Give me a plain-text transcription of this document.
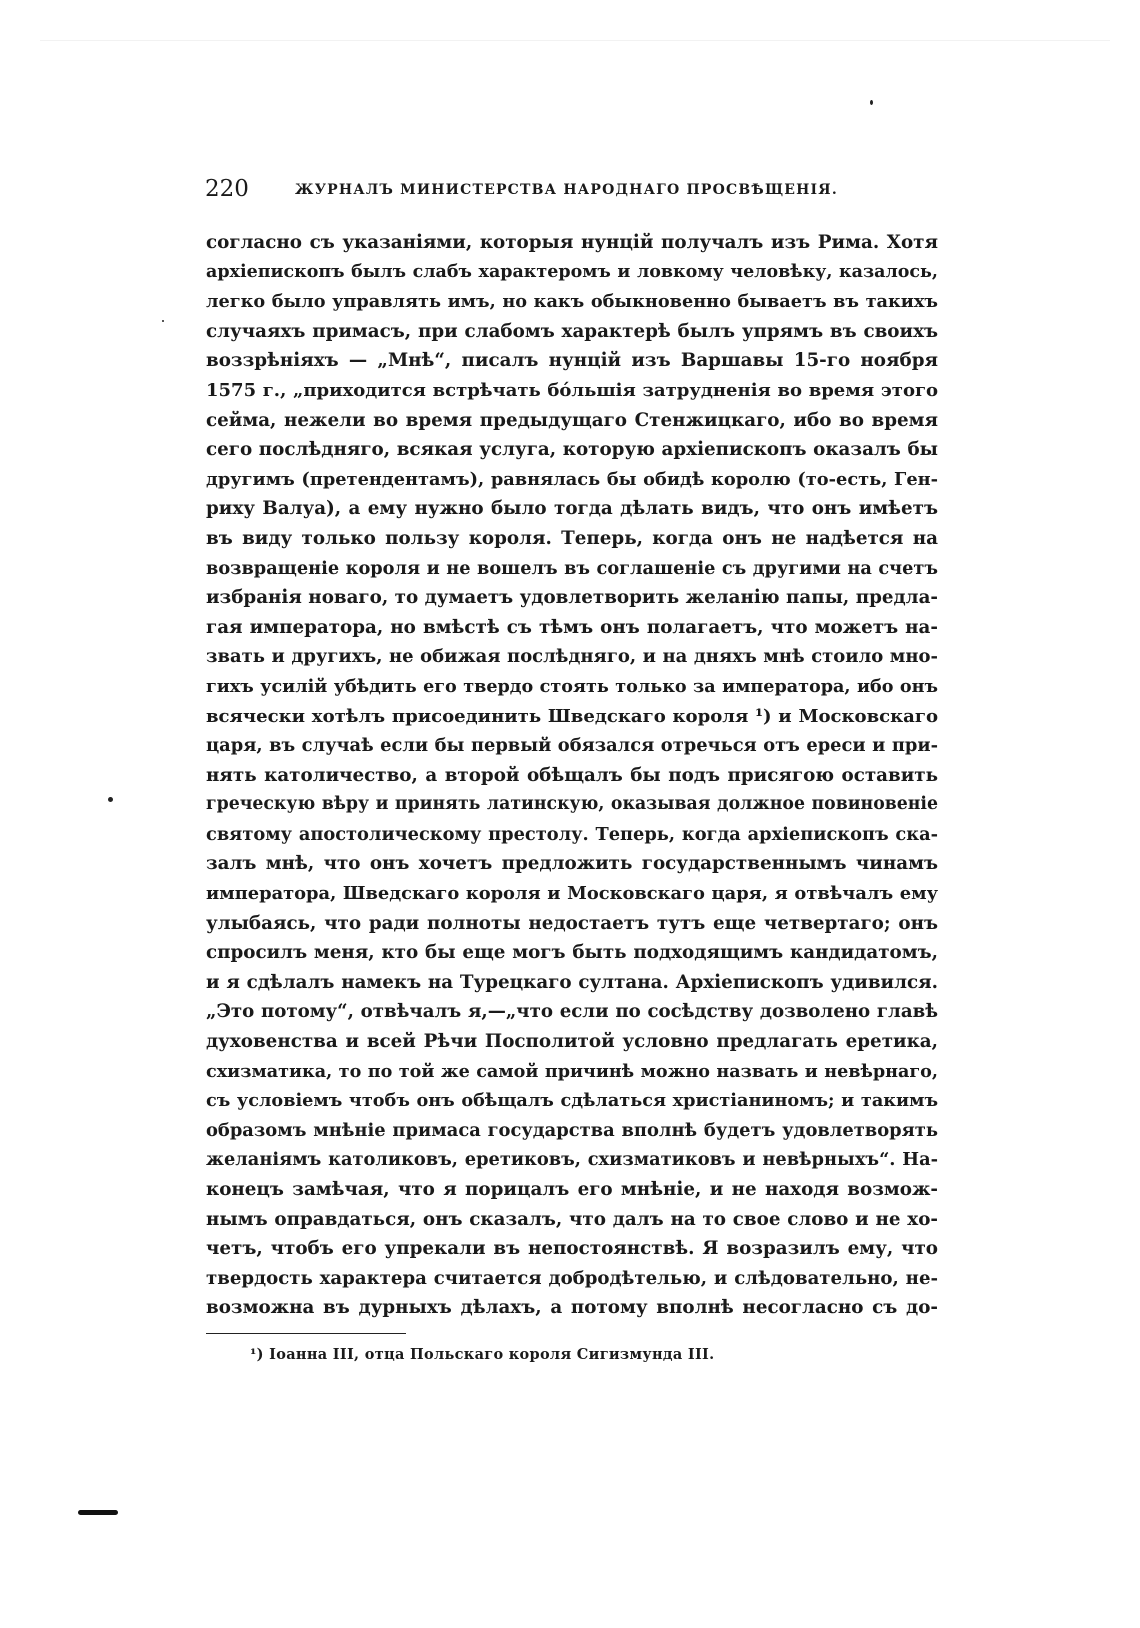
220	ЖУРНАЛЪ МИНИСТЕРСТВА НАРОДНАГО ПРОСВѢЩЕНІЯ.
согласно съ указаніями, которыя нунцій получалъ изъ Рима. Хотя
архіепископъ былъ слабъ характеромъ и ловкому человѣку, казалось,
легко было управлять имъ, но какъ обыкновенно бываетъ въ такихъ
случаяхъ примасъ, при слабомъ характерѣ былъ упрямъ въ своихъ
воззрѣніяхъ — „Мнѣ“, писалъ нунцій изъ Варшавы 15-го ноября
1575 г., „приходится встрѣчать бо́льшія затрудненія во время этого
сейма, нежели во время предыдущаго Стенжицкаго, ибо во время
сего послѣдняго, всякая услуга, которую архіепископъ оказалъ бы
другимъ (претендентамъ), равнялась бы обидѣ королю (то-есть, Ген-
риху Валуа), а ему нужно было тогда дѣлать видъ, что онъ имѣетъ
въ виду только пользу короля. Теперь, когда онъ не надѣется на
возвращеніе короля и не вошелъ въ соглашеніе съ другими на счетъ
избранія новаго, то думаетъ удовлетворить желанію папы, предла-
гая императора, но вмѣстѣ съ тѣмъ онъ полагаетъ, что можетъ на-
звать и другихъ, не обижая послѣдняго, и на дняхъ мнѣ стоило мно-
гихъ усилій убѣдить его твердо стоять только за императора, ибо онъ
всячески хотѣлъ присоединить Шведскаго короля ¹) и Московскаго
царя, въ случаѣ если бы первый обязался отречься отъ ереси и при-
нять католичество, а второй обѣщалъ бы подъ присягою оставить
греческую вѣру и принять латинскую, оказывая должное повиновеніе
святому апостолическому престолу. Теперь, когда архіепископъ ска-
залъ мнѣ, что онъ хочетъ предложить государственнымъ чинамъ
императора, Шведскаго короля и Московскаго царя, я отвѣчалъ ему
улыбаясь, что ради полноты недостаетъ тутъ еще четвертаго; онъ
спросилъ меня, кто бы еще могъ быть подходящимъ кандидатомъ,
и я сдѣлалъ намекъ на Турецкаго султана. Архіепископъ удивился.
„Это потому“, отвѣчалъ я,—„что если по сосѣдству дозволено главѣ
духовенства и всей Рѣчи Посполитой условно предлагать еретика,
схизматика, то по той же самой причинѣ можно назвать и невѣрнаго,
съ условіемъ чтобъ онъ обѣщалъ сдѣлаться христіаниномъ; и такимъ
образомъ мнѣніе примаса государства вполнѣ будетъ удовлетворять
желаніямъ католиковъ, еретиковъ, схизматиковъ и невѣрныхъ“. На-
конецъ замѣчая, что я порицалъ его мнѣніе, и не находя возмож-
нымъ оправдаться, онъ сказалъ, что далъ на то свое слово и не хо-
четъ, чтобъ его упрекали въ непостоянствѣ. Я возразилъ ему, что
твердость характера считается добродѣтелью, и слѣдовательно, не-
возможна въ дурныхъ дѣлахъ, а потому вполнѣ несогласно съ до-
¹) Іоанна III, отца Польскаго короля Сигизмунда III.
